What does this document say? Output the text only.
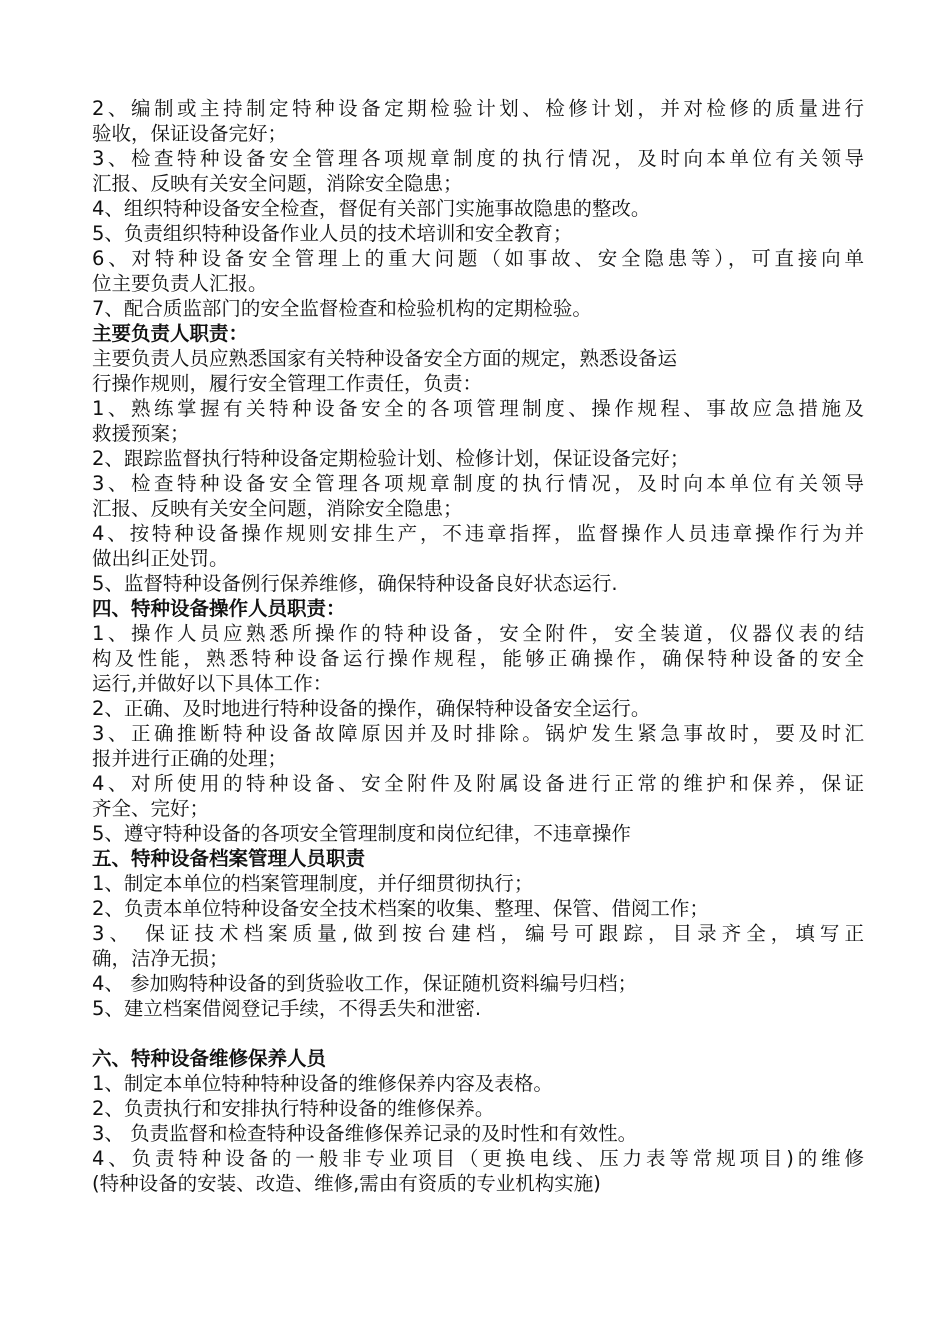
2、编制或主持制定特种设备定期检验计划、检修计划，并对检修的质量进行
验收，保证设备完好；
3、检查特种设备安全管理各项规章制度的执行情况，及时向本单位有关领导
汇报、反映有关安全问题，消除安全隐患；
4、组织特种设备安全检查，督促有关部门实施事故隐患的整改。
5、负责组织特种设备作业人员的技术培训和安全教育；
6、对特种设备安全管理上的重大问题（如事故、安全隐患等），可直接向单
位主要负责人汇报。
7、配合质监部门的安全监督检查和检验机构的定期检验。
主要负责人职责：
主要负责人员应熟悉国家有关特种设备安全方面的规定，熟悉设备运
行操作规则，履行安全管理工作责任，负责：
1、熟练掌握有关特种设备安全的各项管理制度、操作规程、事故应急措施及
救援预案；
2、跟踪监督执行特种设备定期检验计划、检修计划，保证设备完好；
3、检查特种设备安全管理各项规章制度的执行情况，及时向本单位有关领导
汇报、反映有关安全问题，消除安全隐患；
4、按特种设备操作规则安排生产，不违章指挥，监督操作人员违章操作行为并
做出纠正处罚。
5、监督特种设备例行保养维修，确保特种设备良好状态运行.
四、特种设备操作人员职责：
1、操作人员应熟悉所操作的特种设备，安全附件，安全装道，仪器仪表的结
构及性能，熟悉特种设备运行操作规程，能够正确操作，确保特种设备的安全
运行,并做好以下具体工作：
2、正确、及时地进行特种设备的操作，确保特种设备安全运行。
3、正确推断特种设备故障原因并及时排除。锅炉发生紧急事故时，要及时汇
报并进行正确的处理；
4、对所使用的特种设备、安全附件及附属设备进行正常的维护和保养，保证
齐全、完好；
5、遵守特种设备的各项安全管理制度和岗位纪律，不违章操作
五、特种设备档案管理人员职责
1、制定本单位的档案管理制度，并仔细贯彻执行；
2、负责本单位特种设备安全技术档案的收集、整理、保管、借阅工作；
3、 保证技术档案质量,做到按台建档，编号可跟踪，目录齐全，填写正
确，洁净无损；
4、 参加购特种设备的到货验收工作，保证随机资料编号归档；
5、建立档案借阅登记手续，不得丢失和泄密.
六、特种设备维修保养人员
1、制定本单位特种特种设备的维修保养内容及表格。
2、负责执行和安排执行特种设备的维修保养。
3、 负责监督和检查特种设备维修保养记录的及时性和有效性。
4、负责特种设备的一般非专业项目（更换电线、压力表等常规项目)的维修
(特种设备的安装、改造、维修,需由有资质的专业机构实施)
